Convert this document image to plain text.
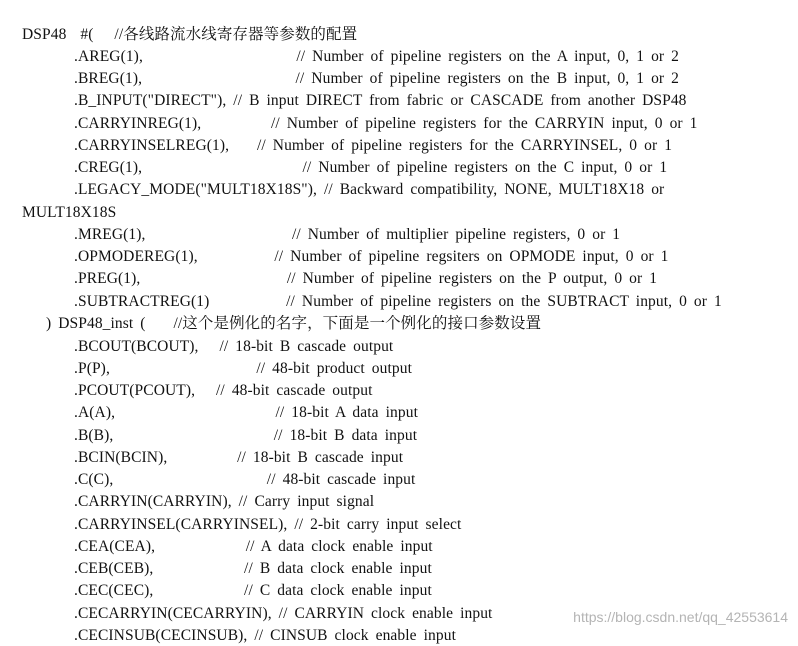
DSP48  #(   //各线路流水线寄存器等参数的配置
.AREG(1),                      // Number of pipeline registers on the A input, 0, 1 or 2
.BREG(1),                      // Number of pipeline registers on the B input, 0, 1 or 2
.B_INPUT("DIRECT"), // B input DIRECT from fabric or CASCADE from another DSP48
.CARRYINREG(1),          // Number of pipeline registers for the CARRYIN input, 0 or 1
.CARRYINSELREG(1),    // Number of pipeline registers for the CARRYINSEL, 0 or 1
.CREG(1),                       // Number of pipeline registers on the C input, 0 or 1
.LEGACY_MODE("MULT18X18S"), // Backward compatibility, NONE, MULT18X18 or
MULT18X18S
.MREG(1),                     // Number of multiplier pipeline registers, 0 or 1
.OPMODEREG(1),           // Number of pipeline regsiters on OPMODE input, 0 or 1
.PREG(1),                     // Number of pipeline registers on the P output, 0 or 1
.SUBTRACTREG(1)           // Number of pipeline registers on the SUBTRACT input, 0 or 1
) DSP48_inst (    //这个是例化的名字，下面是一个例化的接口参数设置
.BCOUT(BCOUT),   // 18-bit B cascade output
.P(P),                     // 48-bit product output
.PCOUT(PCOUT),   // 48-bit cascade output
.A(A),                       // 18-bit A data input
.B(B),                       // 18-bit B data input
.BCIN(BCIN),          // 18-bit B cascade input
.C(C),                      // 48-bit cascade input
.CARRYIN(CARRYIN), // Carry input signal
.CARRYINSEL(CARRYINSEL), // 2-bit carry input select
.CEA(CEA),             // A data clock enable input
.CEB(CEB),             // B data clock enable input
.CEC(CEC),             // C data clock enable input
.CECARRYIN(CECARRYIN), // CARRYIN clock enable input
.CECINSUB(CECINSUB), // CINSUB clock enable input
https://blog.csdn.net/qq_42553614
